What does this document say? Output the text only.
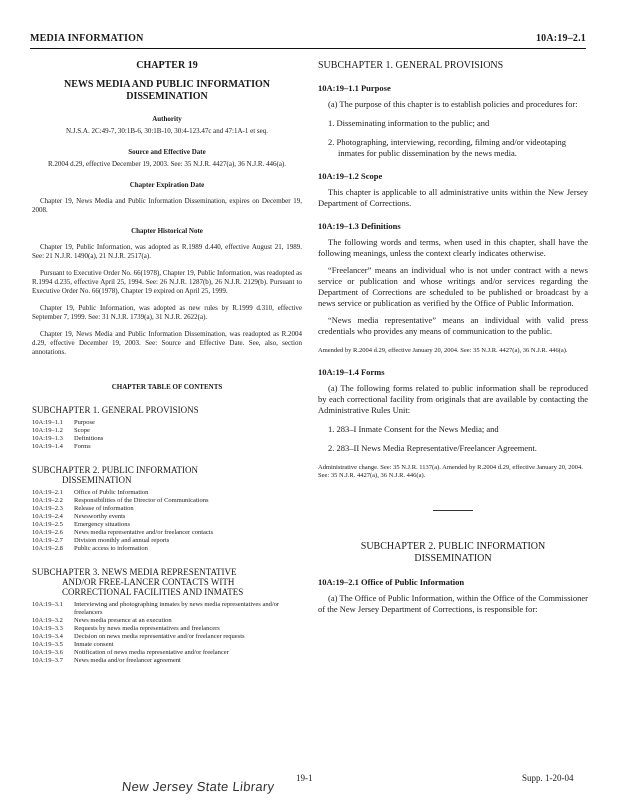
MEDIA INFORMATION	10A:19–2.1
CHAPTER 19
NEWS MEDIA AND PUBLIC INFORMATION DISSEMINATION
Authority
N.J.S.A. 2C:49-7, 30:1B-6, 30:1B-10, 30:4-123.47c and 47:1A-1 et seq.
Source and Effective Date
R.2004 d.29, effective December 19, 2003. See: 35 N.J.R. 4427(a), 36 N.J.R. 446(a).
Chapter Expiration Date
Chapter 19, News Media and Public Information Dissemination, expires on December 19, 2008.
Chapter Historical Note
Chapter 19, Public Information, was adopted as R.1989 d.440, effective August 21, 1989. See: 21 N.J.R. 1490(a), 21 N.J.R. 2517(a).
Pursuant to Executive Order No. 66(1978), Chapter 19, Public Information, was readopted as R.1994 d.235, effective April 25, 1994. See: 26 N.J.R. 1287(b), 26 N.J.R. 2129(b). Pursuant to Executive Order No. 66(1978), Chapter 19 expired on April 25, 1999.
Chapter 19, Public Information, was adopted as new rules by R.1999 d.310, effective September 7, 1999. See: 31 N.J.R. 1739(a), 31 N.J.R. 2622(a).
Chapter 19, News Media and Public Information Dissemination, was readopted as R.2004 d.29, effective December 19, 2003. See: Source and Effective Date. See, also, section annotations.
CHAPTER TABLE OF CONTENTS
SUBCHAPTER 1. GENERAL PROVISIONS
10A:19–1.1	Purpose
10A:19–1.2	Scope
10A:19–1.3	Definitions
10A:19–1.4	Forms
SUBCHAPTER 2. PUBLIC INFORMATION
DISSEMINATION
10A:19–2.1	Office of Public Information
10A:19–2.2	Responsibilities of the Director of Communications
10A:19–2.3	Release of information
10A:19–2.4	Newsworthy events
10A:19–2.5	Emergency situations
10A:19–2.6	News media representative and/or freelancer contacts
10A:19–2.7	Division monthly and annual reports
10A:19–2.8	Public access to information
SUBCHAPTER 3. NEWS MEDIA REPRESENTATIVE
AND/OR FREE-LANCER CONTACTS WITH
CORRECTIONAL FACILITIES AND INMATES
10A:19–3.1	Interviewing and photographing inmates by news media representatives and/or freelancers
10A:19–3.2	News media presence at an execution
10A:19–3.3	Requests by news media representatives and freelancers
10A:19–3.4	Decision on news media representative and/or freelancer requests
10A:19–3.5	Inmate consent
10A:19–3.6	Notification of news media representative and/or freelancer
10A:19–3.7	News media and/or freelancer agreement
SUBCHAPTER 1. GENERAL PROVISIONS
10A:19–1.1 Purpose
(a) The purpose of this chapter is to establish policies and procedures for:
1. Disseminating information to the public; and
2. Photographing, interviewing, recording, filming and/or videotaping inmates for public dissemination by the news media.
10A:19–1.2 Scope
This chapter is applicable to all administrative units within the New Jersey Department of Corrections.
10A:19–1.3 Definitions
The following words and terms, when used in this chapter, shall have the following meanings, unless the context clearly indicates otherwise.
“Freelancer” means an individual who is not under contract with a news service or publication and whose writings and/or services regarding the Department of Corrections are scheduled to be published or broadcast by a news service or publication as verified by the Office of Public Information.
“News media representative” means an individual with valid press credentials who provides any means of communication to the public.
Amended by R.2004 d.29, effective January 20, 2004. See: 35 N.J.R. 4427(a), 36 N.J.R. 446(a).
10A:19–1.4 Forms
(a) The following forms related to public information shall be reproduced by each correctional facility from originals that are available by contacting the Administrative Rules Unit:
1. 283–I Inmate Consent for the News Media; and
2. 283–II News Media Representative/Freelancer Agreement.
Administrative change. See: 35 N.J.R. 1137(a). Amended by R.2004 d.29, effective January 20, 2004. See: 35 N.J.R. 4427(a), 36 N.J.R. 446(a).
SUBCHAPTER 2. PUBLIC INFORMATION
DISSEMINATION
10A:19–2.1 Office of Public Information
(a) The Office of Public Information, within the Office of the Commissioner of the New Jersey Department of Corrections, is responsible for:
19-1	Supp. 1-20-04
New Jersey State Library
